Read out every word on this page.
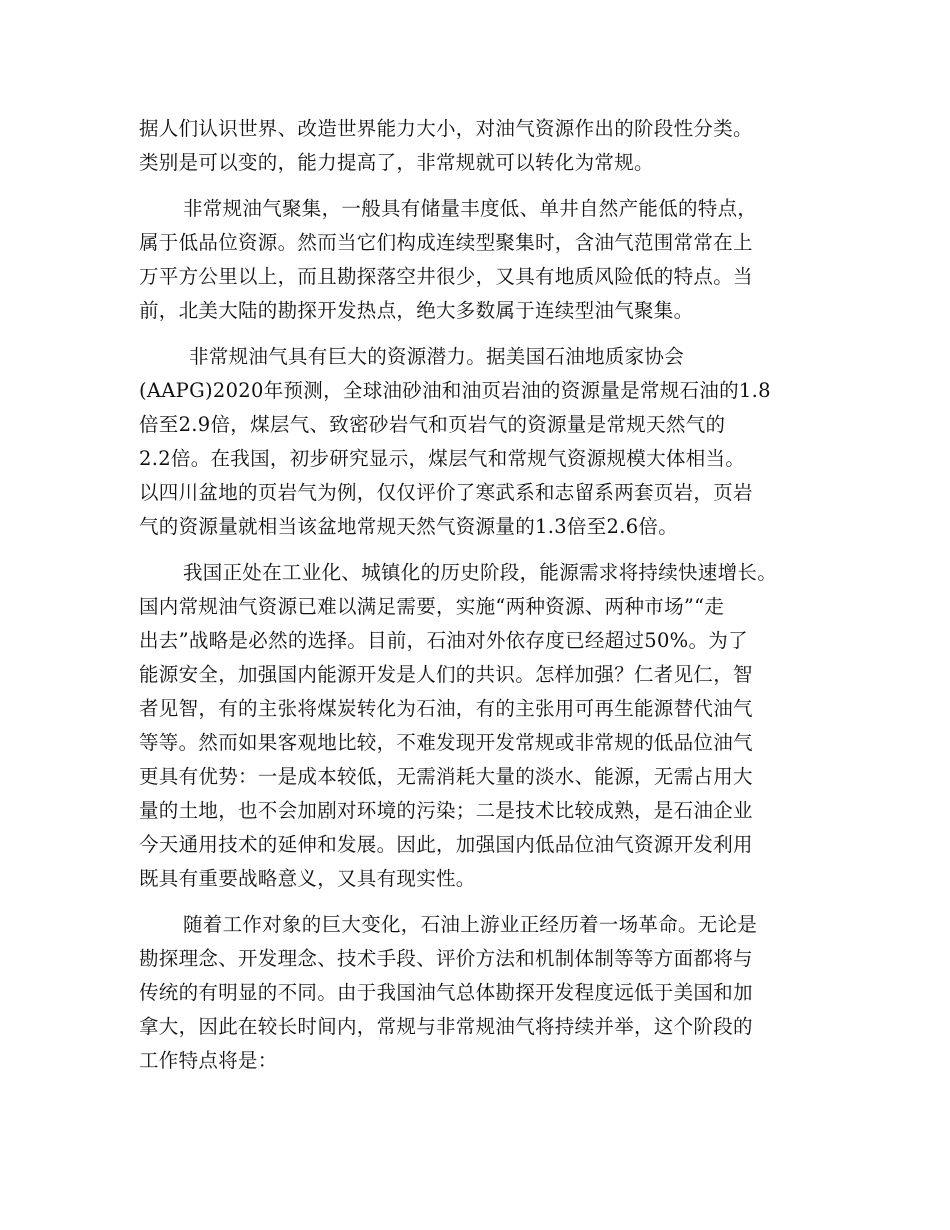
据人们认识世界、改造世界能力大小，对油气资源作出的阶段性分类。
类别是可以变的，能力提高了，非常规就可以转化为常规。
非常规油气聚集，一般具有储量丰度低、单井自然产能低的特点，
属于低品位资源。然而当它们构成连续型聚集时，含油气范围常常在上
万平方公里以上，而且勘探落空井很少，又具有地质风险低的特点。当
前，北美大陆的勘探开发热点，绝大多数属于连续型油气聚集。
非常规油气具有巨大的资源潜力。据美国石油地质家协会
(AAPG)2020年预测，全球油砂油和油页岩油的资源量是常规石油的1.8
倍至2.9倍，煤层气、致密砂岩气和页岩气的资源量是常规天然气的
2.2倍。在我国，初步研究显示，煤层气和常规气资源规模大体相当。
以四川盆地的页岩气为例，仅仅评价了寒武系和志留系两套页岩，页岩
气的资源量就相当该盆地常规天然气资源量的1.3倍至2.6倍。
我国正处在工业化、城镇化的历史阶段，能源需求将持续快速增长。
国内常规油气资源已难以满足需要，实施“两种资源、两种市场”“走
出去”战略是必然的选择。目前，石油对外依存度已经超过50%。为了
能源安全，加强国内能源开发是人们的共识。怎样加强？仁者见仁，智
者见智，有的主张将煤炭转化为石油，有的主张用可再生能源替代油气
等等。然而如果客观地比较，不难发现开发常规或非常规的低品位油气
更具有优势：一是成本较低，无需消耗大量的淡水、能源，无需占用大
量的土地，也不会加剧对环境的污染；二是技术比较成熟，是石油企业
今天通用技术的延伸和发展。因此，加强国内低品位油气资源开发利用
既具有重要战略意义，又具有现实性。
随着工作对象的巨大变化，石油上游业正经历着一场革命。无论是
勘探理念、开发理念、技术手段、评价方法和机制体制等等方面都将与
传统的有明显的不同。由于我国油气总体勘探开发程度远低于美国和加
拿大，因此在较长时间内，常规与非常规油气将持续并举，这个阶段的
工作特点将是：
